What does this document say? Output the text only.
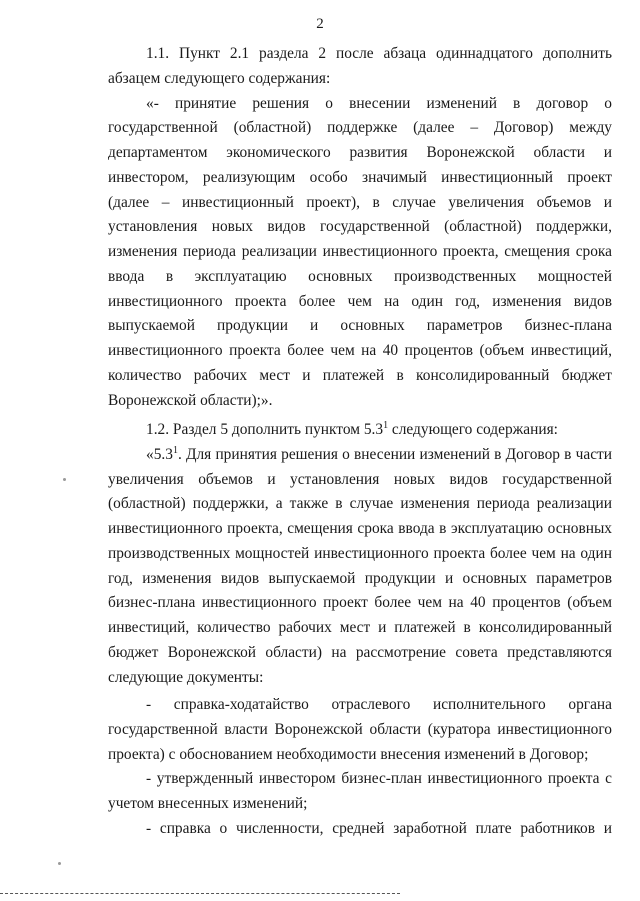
2
1.1. Пункт 2.1 раздела 2 после абзаца одиннадцатого дополнить
абзацем следующего содержания:
«- принятие решения о внесении изменений в договор о
государственной (областной) поддержке (далее – Договор) между
департаментом экономического развития Воронежской области и
инвестором, реализующим особо значимый инвестиционный проект
(далее – инвестиционный проект), в случае увеличения объемов и
установления новых видов государственной (областной) поддержки,
изменения периода реализации инвестиционного проекта, смещения срока
ввода в эксплуатацию основных производственных мощностей
инвестиционного проекта более чем на один год, изменения видов
выпускаемой продукции и основных параметров бизнес-плана
инвестиционного проекта более чем на 40 процентов (объем инвестиций,
количество рабочих мест и платежей в консолидированный бюджет
Воронежской области);».
1.2. Раздел 5 дополнить пунктом $5.3^1$ следующего содержания:
«$5.3^1$. Для принятия решения о внесении изменений в Договор в части
увеличения объемов и установления новых видов государственной
(областной) поддержки, а также в случае изменения периода реализации
инвестиционного проекта, смещения срока ввода в эксплуатацию основных
производственных мощностей инвестиционного проекта более чем на один
год, изменения видов выпускаемой продукции и основных параметров
бизнес-плана инвестиционного проект более чем на 40 процентов (объем
инвестиций, количество рабочих мест и платежей в консолидированный
бюджет Воронежской области) на рассмотрение совета представляются
следующие документы:
- справка-ходатайство отраслевого исполнительного органа
государственной власти Воронежской области (куратора инвестиционного
проекта) с обоснованием необходимости внесения изменений в Договор;
- утвержденный инвестором бизнес-план инвестиционного проекта с
учетом внесенных изменений;
- справка о численности, средней заработной плате работников и
